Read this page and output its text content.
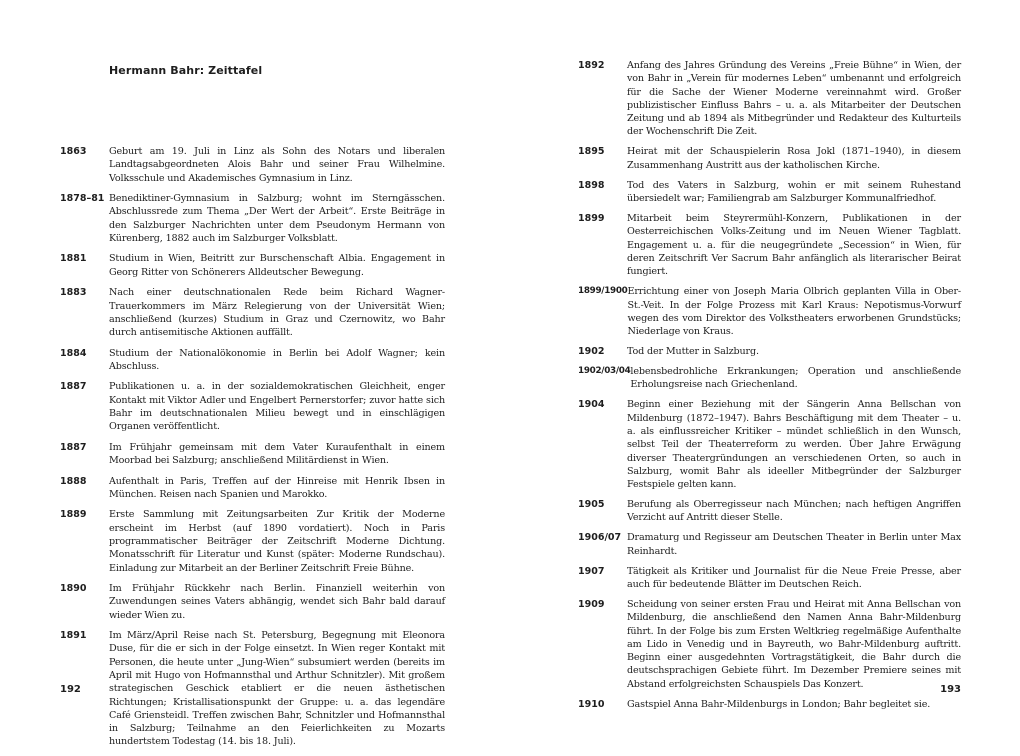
Hermann Bahr: Zeittafel
1863	Geburt am 19. Juli in Linz als Sohn des Notars und liberalen Landtagsabgeordneten Alois Bahr und seiner Frau Wilhelmine. Volksschule und Akademisches Gymnasium in Linz.
1878–81 Benediktiner-Gymnasium in Salzburg; wohnt im Sterngässchen. Abschlussrede zum Thema „Der Wert der Arbeit“. Erste Beiträge in den Salzburger Nachrichten unter dem Pseudonym Hermann von Kürenberg, 1882 auch im Salzburger Volksblatt.
1881	Studium in Wien, Beitritt zur Burschenschaft Albia. Engagement in Georg Ritter von Schönerers Alldeutscher Bewegung.
1883	Nach einer deutschnationalen Rede beim Richard Wagner-Trauerkommers im März Relegierung von der Universität Wien; anschließend (kurzes) Studium in Graz und Czernowitz, wo Bahr durch antisemitische Aktionen auffällt.
1884	Studium der Nationalökonomie in Berlin bei Adolf Wagner; kein Abschluss.
1887	Publikationen u. a. in der sozialdemokratischen Gleichheit, enger Kontakt mit Viktor Adler und Engelbert Pernerstorfer; zuvor hatte sich Bahr im deutschnationalen Milieu bewegt und in einschlägigen Organen veröffentlicht.
1887	Im Frühjahr gemeinsam mit dem Vater Kuraufenthalt in einem Moorbad bei Salzburg; anschließend Militärdienst in Wien.
1888	Aufenthalt in Paris, Treffen auf der Hinreise mit Henrik Ibsen in München. Reisen nach Spanien und Marokko.
1889	Erste Sammlung mit Zeitungsarbeiten Zur Kritik der Moderne erscheint im Herbst (auf 1890 vordatiert). Noch in Paris programmatischer Beiträger der Zeitschrift Moderne Dichtung. Monatsschrift für Literatur und Kunst (später: Moderne Rundschau). Einladung zur Mitarbeit an der Berliner Zeitschrift Freie Bühne.
1890	Im Frühjahr Rückkehr nach Berlin. Finanziell weiterhin von Zuwendungen seines Vaters abhängig, wendet sich Bahr bald darauf wieder Wien zu.
1891	Im März/April Reise nach St. Petersburg, Begegnung mit Eleonora Duse, für die er sich in der Folge einsetzt. In Wien reger Kontakt mit Personen, die heute unter „Jung-Wien“ subsumiert werden (bereits im April mit Hugo von Hofmannsthal und Arthur Schnitzler). Mit großem strategischen Geschick etabliert er die neuen ästhetischen Richtungen; Kristallisationspunkt der Gruppe: u. a. das legendäre Café Griensteidl. Treffen zwischen Bahr, Schnitzler und Hofmannsthal in Salzburg; Teilnahme an den Feierlichkeiten zu Mozarts hundertstem Todestag (14. bis 18. Juli).
192
1892	Anfang des Jahres Gründung des Vereins „Freie Bühne“ in Wien, der von Bahr in „Verein für modernes Leben“ umbenannt und erfolgreich für die Sache der Wiener Moderne vereinnahmt wird. Großer publizistischer Einfluss Bahrs – u. a. als Mitarbeiter der Deutschen Zeitung und ab 1894 als Mitbegründer und Redakteur des Kulturteils der Wochenschrift Die Zeit.
1895	Heirat mit der Schauspielerin Rosa Jokl (1871–1940), in diesem Zusammenhang Austritt aus der katholischen Kirche.
1898	Tod des Vaters in Salzburg, wohin er mit seinem Ruhestand übersiedelt war; Familiengrab am Salzburger Kommunalfriedhof.
1899	Mitarbeit beim Steyrermühl-Konzern, Publikationen in der Oesterreichischen Volks-Zeitung und im Neuen Wiener Tagblatt. Engagement u. a. für die neugegründete „Secession“ in Wien, für deren Zeitschrift Ver Sacrum Bahr anfänglich als literarischer Beirat fungiert.
1899/1900 Errichtung einer von Joseph Maria Olbrich geplanten Villa in Ober-St.-Veit. In der Folge Prozess mit Karl Kraus: Nepotismus-Vorwurf wegen des vom Direktor des Volkstheaters erworbenen Grundstücks; Niederlage von Kraus.
1902	Tod der Mutter in Salzburg.
1902/03/04 lebensbedrohliche Erkrankungen; Operation und anschließende Erholungsreise nach Griechenland.
1904	Beginn einer Beziehung mit der Sängerin Anna Bellschan von Mildenburg (1872–1947). Bahrs Beschäftigung mit dem Theater – u. a. als einflussreicher Kritiker – mündet schließlich in den Wunsch, selbst Teil der Theaterreform zu werden. Über Jahre Erwägung diverser Theatergründungen an verschiedenen Orten, so auch in Salzburg, womit Bahr als ideeller Mitbegründer der Salzburger Festspiele gelten kann.
1905	Berufung als Oberregisseur nach München; nach heftigen Angriffen Verzicht auf Antritt dieser Stelle.
1906/07 Dramaturg und Regisseur am Deutschen Theater in Berlin unter Max Reinhardt.
1907	Tätigkeit als Kritiker und Journalist für die Neue Freie Presse, aber auch für bedeutende Blätter im Deutschen Reich.
1909	Scheidung von seiner ersten Frau und Heirat mit Anna Bellschan von Mildenburg, die anschließend den Namen Anna Bahr-Mildenburg führt. In der Folge bis zum Ersten Weltkrieg regelmäßige Aufenthalte am Lido in Venedig und in Bayreuth, wo Bahr-Mildenburg auftritt. Beginn einer ausgedehnten Vortragstätigkeit, die Bahr durch die deutschsprachigen Gebiete führt. Im Dezember Premiere seines mit Abstand erfolgreichsten Schauspiels Das Konzert.
1910	Gastspiel Anna Bahr-Mildenburgs in London; Bahr begleitet sie.
193
